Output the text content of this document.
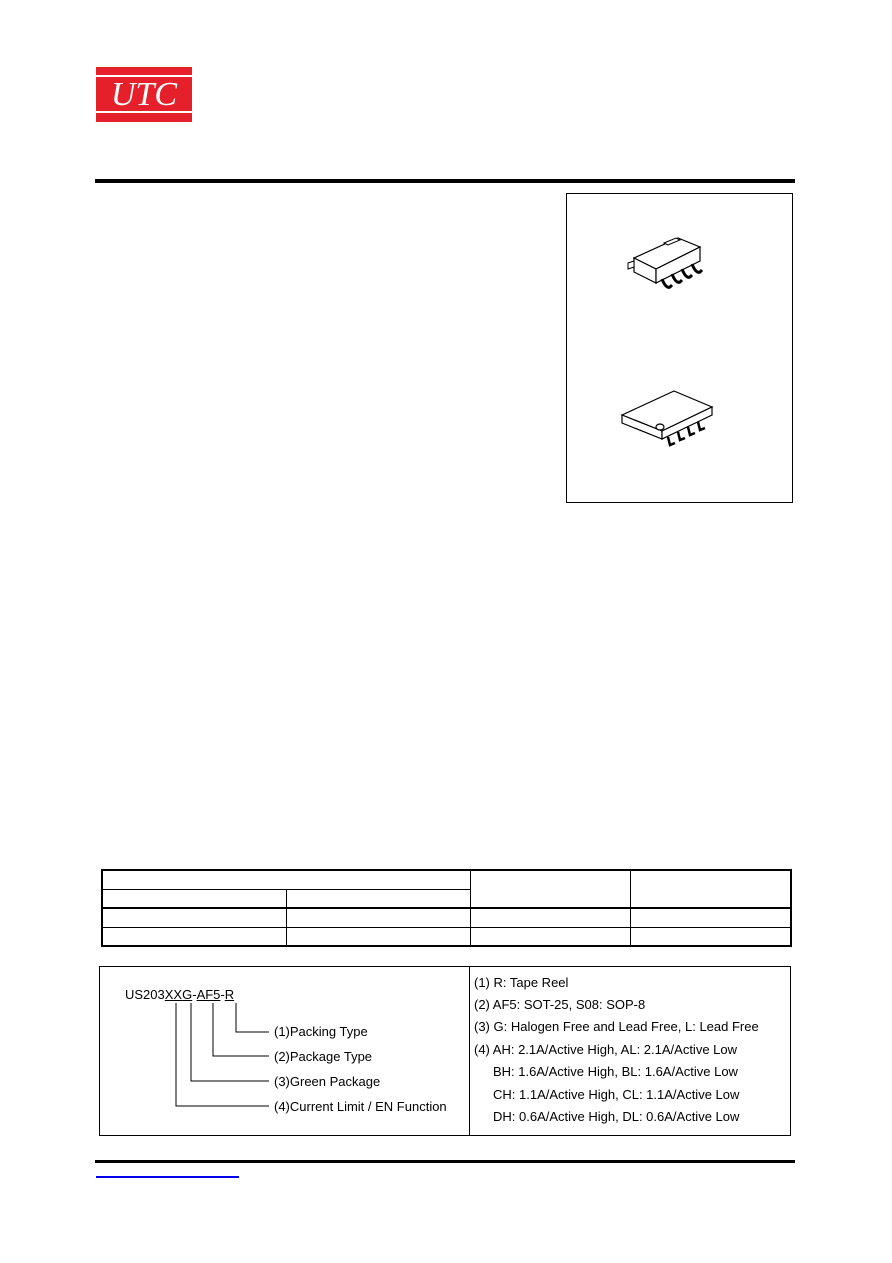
UTC

US203XXG-AF5-R
(1)Packing Type
(2)Package Type
(3)Green Package
(4)Current Limit / EN Function
(1) R: Tape Reel
(2) AF5: SOT-25, S08: SOP-8
(3) G: Halogen Free and Lead Free, L: Lead Free
(4) AH: 2.1A/Active High, AL: 2.1A/Active Low
BH: 1.6A/Active High, BL: 1.6A/Active Low
CH: 1.1A/Active High, CL: 1.1A/Active Low
DH: 0.6A/Active High, DL: 0.6A/Active Low
